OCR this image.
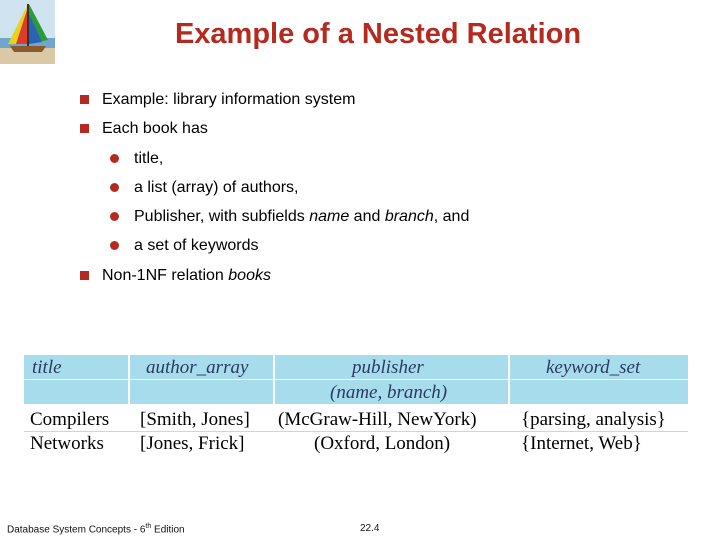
Example of a Nested Relation
Example: library information system
Each book has
title,
a list (array) of authors,
Publisher, with subfields name and branch, and
a set of keywords
Non-1NF relation books
title	author_array	publisher	keyword_set
(name, branch)
Compilers [Smith, Jones] (McGraw-Hill, NewYork) {parsing, analysis}
Networks [Jones, Frick]	(Oxford, London)	{Internet, Web}
Database System Concepts - 6th Edition	22.4
